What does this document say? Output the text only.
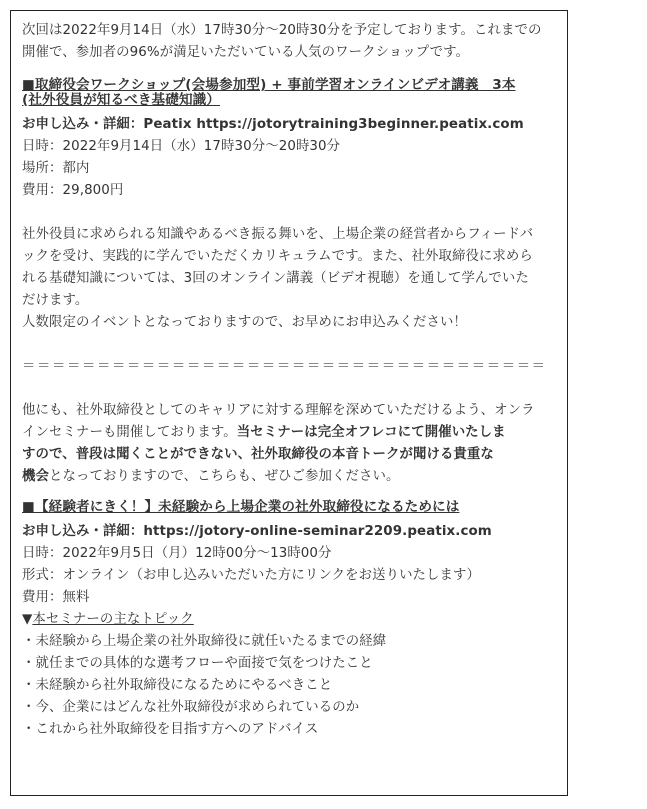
次回は2022年9月14日（水）17時30分〜20時30分を予定しております。これまでの

開催で、参加者の96%が満足いただいている人気のワークショップです。

■取締役会ワークショップ(会場参加型) + 事前学習オンラインビデオ講義　3本

(社外役員が知るべき基礎知識）

お申し込み・詳細：Peatix https://jotorytraining3beginner.peatix.com

日時：2022年9月14日（水）17時30分〜20時30分

場所：都内

費用：29,800円

社外役員に求められる知識やあるべき振る舞いを、上場企業の経営者からフィードバ

ックを受け、実践的に学んでいただくカリキュラムです。また、社外取締役に求めら

れる基礎知識については、3回のオンライン講義（ビデオ視聴）を通して学んでいた

だけます。

人数限定のイベントとなっておりますので、お早めにお申込みください！

＝＝＝＝＝＝＝＝＝＝＝＝＝＝＝＝＝＝＝＝＝＝＝＝＝＝＝＝＝＝＝＝＝＝＝

他にも、社外取締役としてのキャリアに対する理解を深めていただけるよう、オンラ

インセミナーも開催しております。当セミナーは完全オフレコにて開催いたしま

すので、普段は聞くことができない、社外取締役の本音トークが聞ける貴重な

機会となっておりますので、こちらも、ぜひご参加ください。

■【経験者にきく！】未経験から上場企業の社外取締役になるためには

お申し込み・詳細：https://jotory-online-seminar2209.peatix.com

日時：2022年9月5日（月）12時00分〜13時00分

形式：オンライン（お申し込みいただいた方にリンクをお送りいたします）

費用：無料

▼本セミナーの主なトピック

・未経験から上場企業の社外取締役に就任いたるまでの経緯

・就任までの具体的な選考フローや面接で気をつけたこと

・未経験から社外取締役になるためにやるべきこと

・今、企業にはどんな社外取締役が求められているのか

・これから社外取締役を目指す方へのアドバイス
